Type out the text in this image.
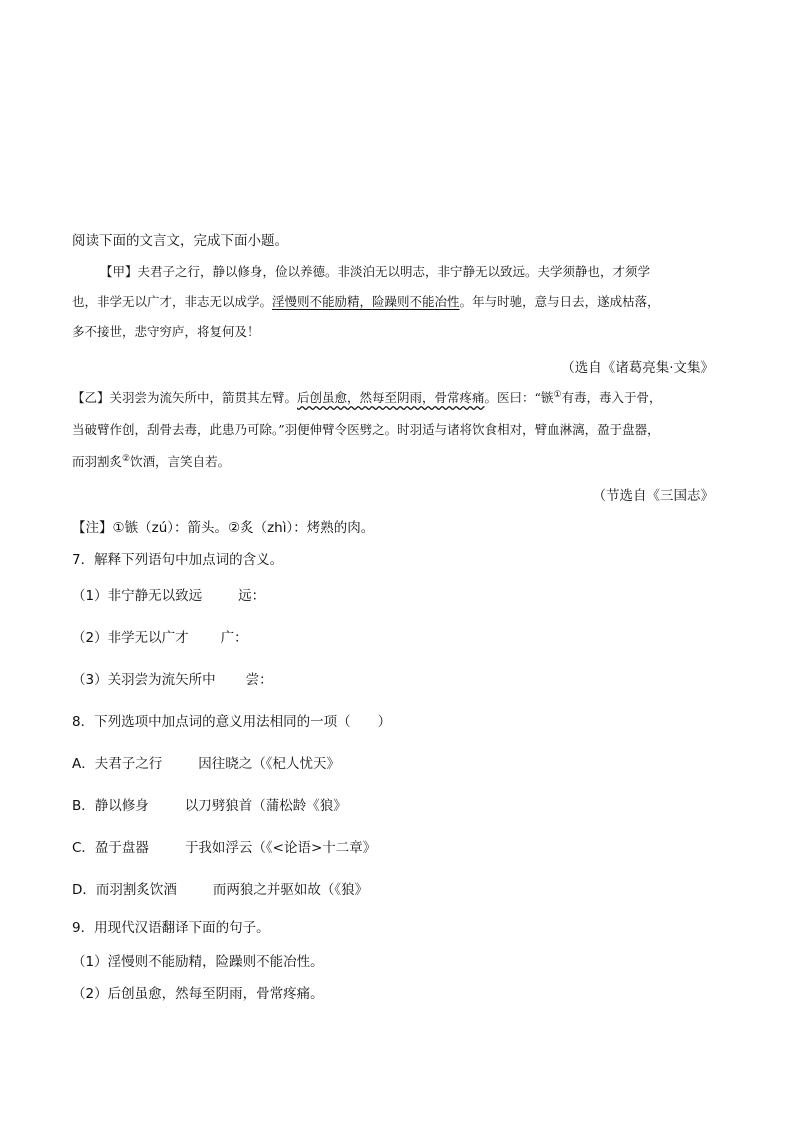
阅读下面的文言文，完成下面小题。
【甲】夫君子之行，静以修身，俭以养德。非淡泊无以明志，非宁静无以致远。夫学须静也，才须学
也，非学无以广才，非志无以成学。淫慢则不能励精，险躁则不能冶性。年与时驰，意与日去，遂成枯落，
多不接世，悲守穷庐，将复何及！
（选自《诸葛亮集·文集》
【乙】关羽尝为流矢所中，箭贯其左臂。后创虽愈，然每至阴雨，骨常疼痛。医曰：“镞①有毒，毒入于骨，
当破臂作创，刮骨去毒，此患乃可除。”羽便伸臂令医劈之。时羽适与诸将饮食相对，臂血淋漓，盈于盘器，
而羽割炙②饮酒，言笑自若。
（节选自《三国志》
【注】①镞（zú）：箭头。②炙（zhì）：烤熟的肉。
7．解释下列语句中加点词的含义。
（1）非宁静无以致远	远：
（2）非学无以广才 广：
（3）关羽尝为流矢所中 尝：
8．下列选项中加点词的意义用法相同的一项（　　）
A．夫君子之行	因往晓之（《杞人忧天》
B．静以修身	以刀劈狼首（蒲松龄《狼》
C．盈于盘器	于我如浮云（《<论语>十二章》
D．而羽割炙饮酒	而两狼之并驱如故（《狼》
9．用现代汉语翻译下面的句子。
（1）淫慢则不能励精，险躁则不能冶性。
（2）后创虽愈，然每至阴雨，骨常疼痛。
